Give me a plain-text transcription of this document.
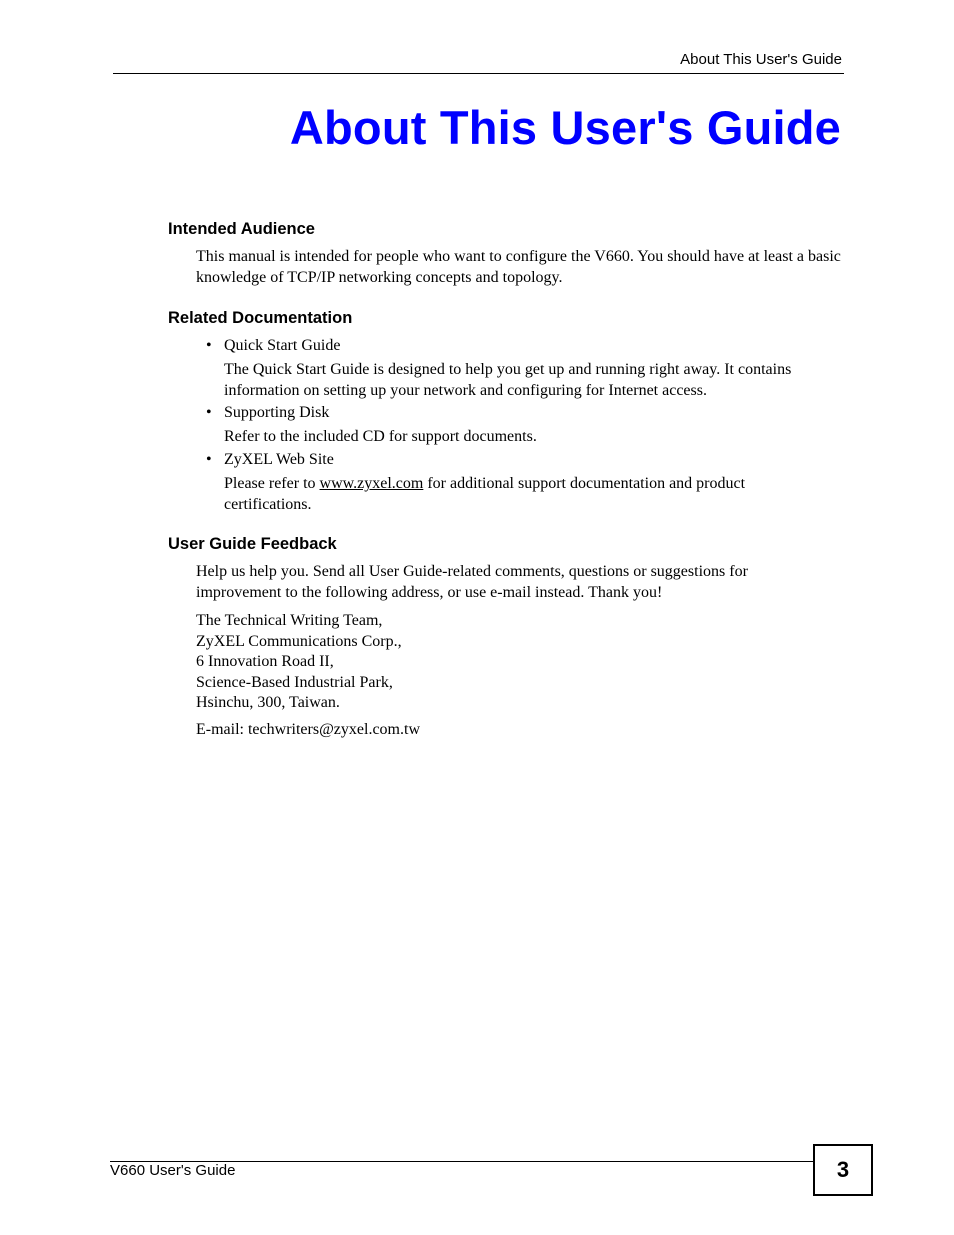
About This User's Guide
About This User's Guide
Intended Audience

This manual is intended for people who want to configure the V660. You should have at least a basic knowledge of TCP/IP networking concepts and topology.

Related Documentation
• Quick Start Guide

The Quick Start Guide is designed to help you get up and running right away. It contains information on setting up your network and configuring for Internet access.

• Supporting Disk

Refer to the included CD for support documents.

• ZyXEL Web Site

Please refer to www.zyxel.com for additional support documentation and product certifications.

User Guide Feedback

Help us help you. Send all User Guide-related comments, questions or suggestions for improvement to the following address, or use e-mail instead. Thank you!

The Technical Writing Team,
ZyXEL Communications Corp.,
6 Innovation Road II,
Science-Based Industrial Park,
Hsinchu, 300, Taiwan.

E-mail: techwriters@zyxel.com.tw

V660 User's Guide	3
